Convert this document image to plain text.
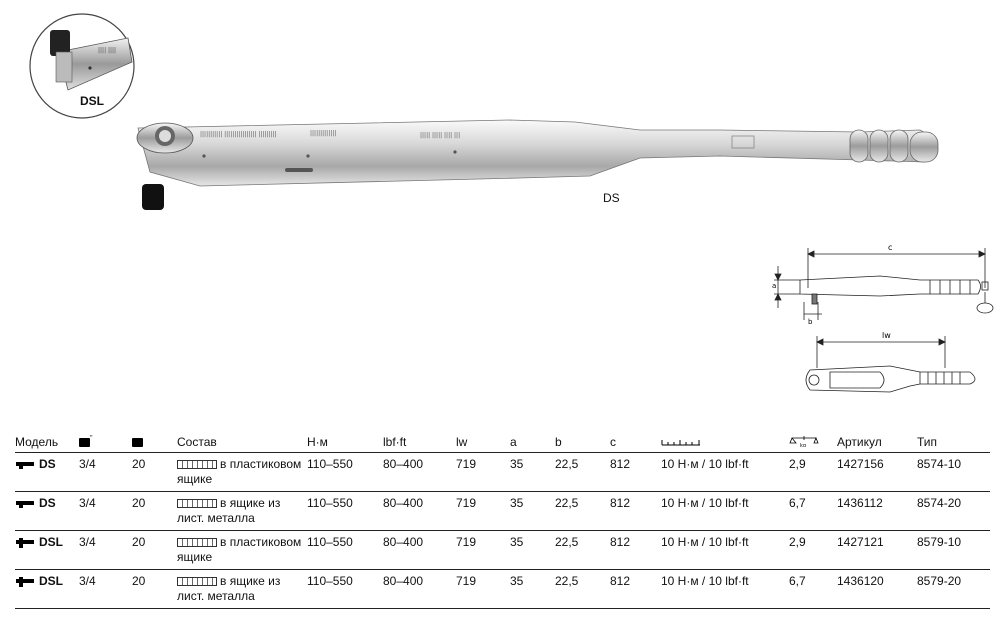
|||| ||||
DSL
||||||||||| |||||||||||||||| |||||||||	|||||||||||||	||||| ||||| |||| |||
DS
c
a
b
lw
Модель	"	Состав	Н·м	lbf·ft	lw	a	b	c	kg	Артикул	Тип
DS 3/4	20	в пластиковом ящике
110–550	80–400	719	35	22,5	812	10 Н·м / 10 lbf·ft	2,9	1427156	8574-10
DS 3/4	20	в ящике из лист. металла
110–550	80–400	719	35	22,5	812	10 Н·м / 10 lbf·ft	6,7	1436112	8574-20
DSL 3/4	20	в пластиковом ящике
110–550	80–400	719	35	22,5	812	10 Н·м / 10 lbf·ft	2,9	1427121	8579-10
DSL 3/4	20	в ящике из лист. металла
110–550	80–400	719	35	22,5	812	10 Н·м / 10 lbf·ft	6,7	1436120	8579-20
